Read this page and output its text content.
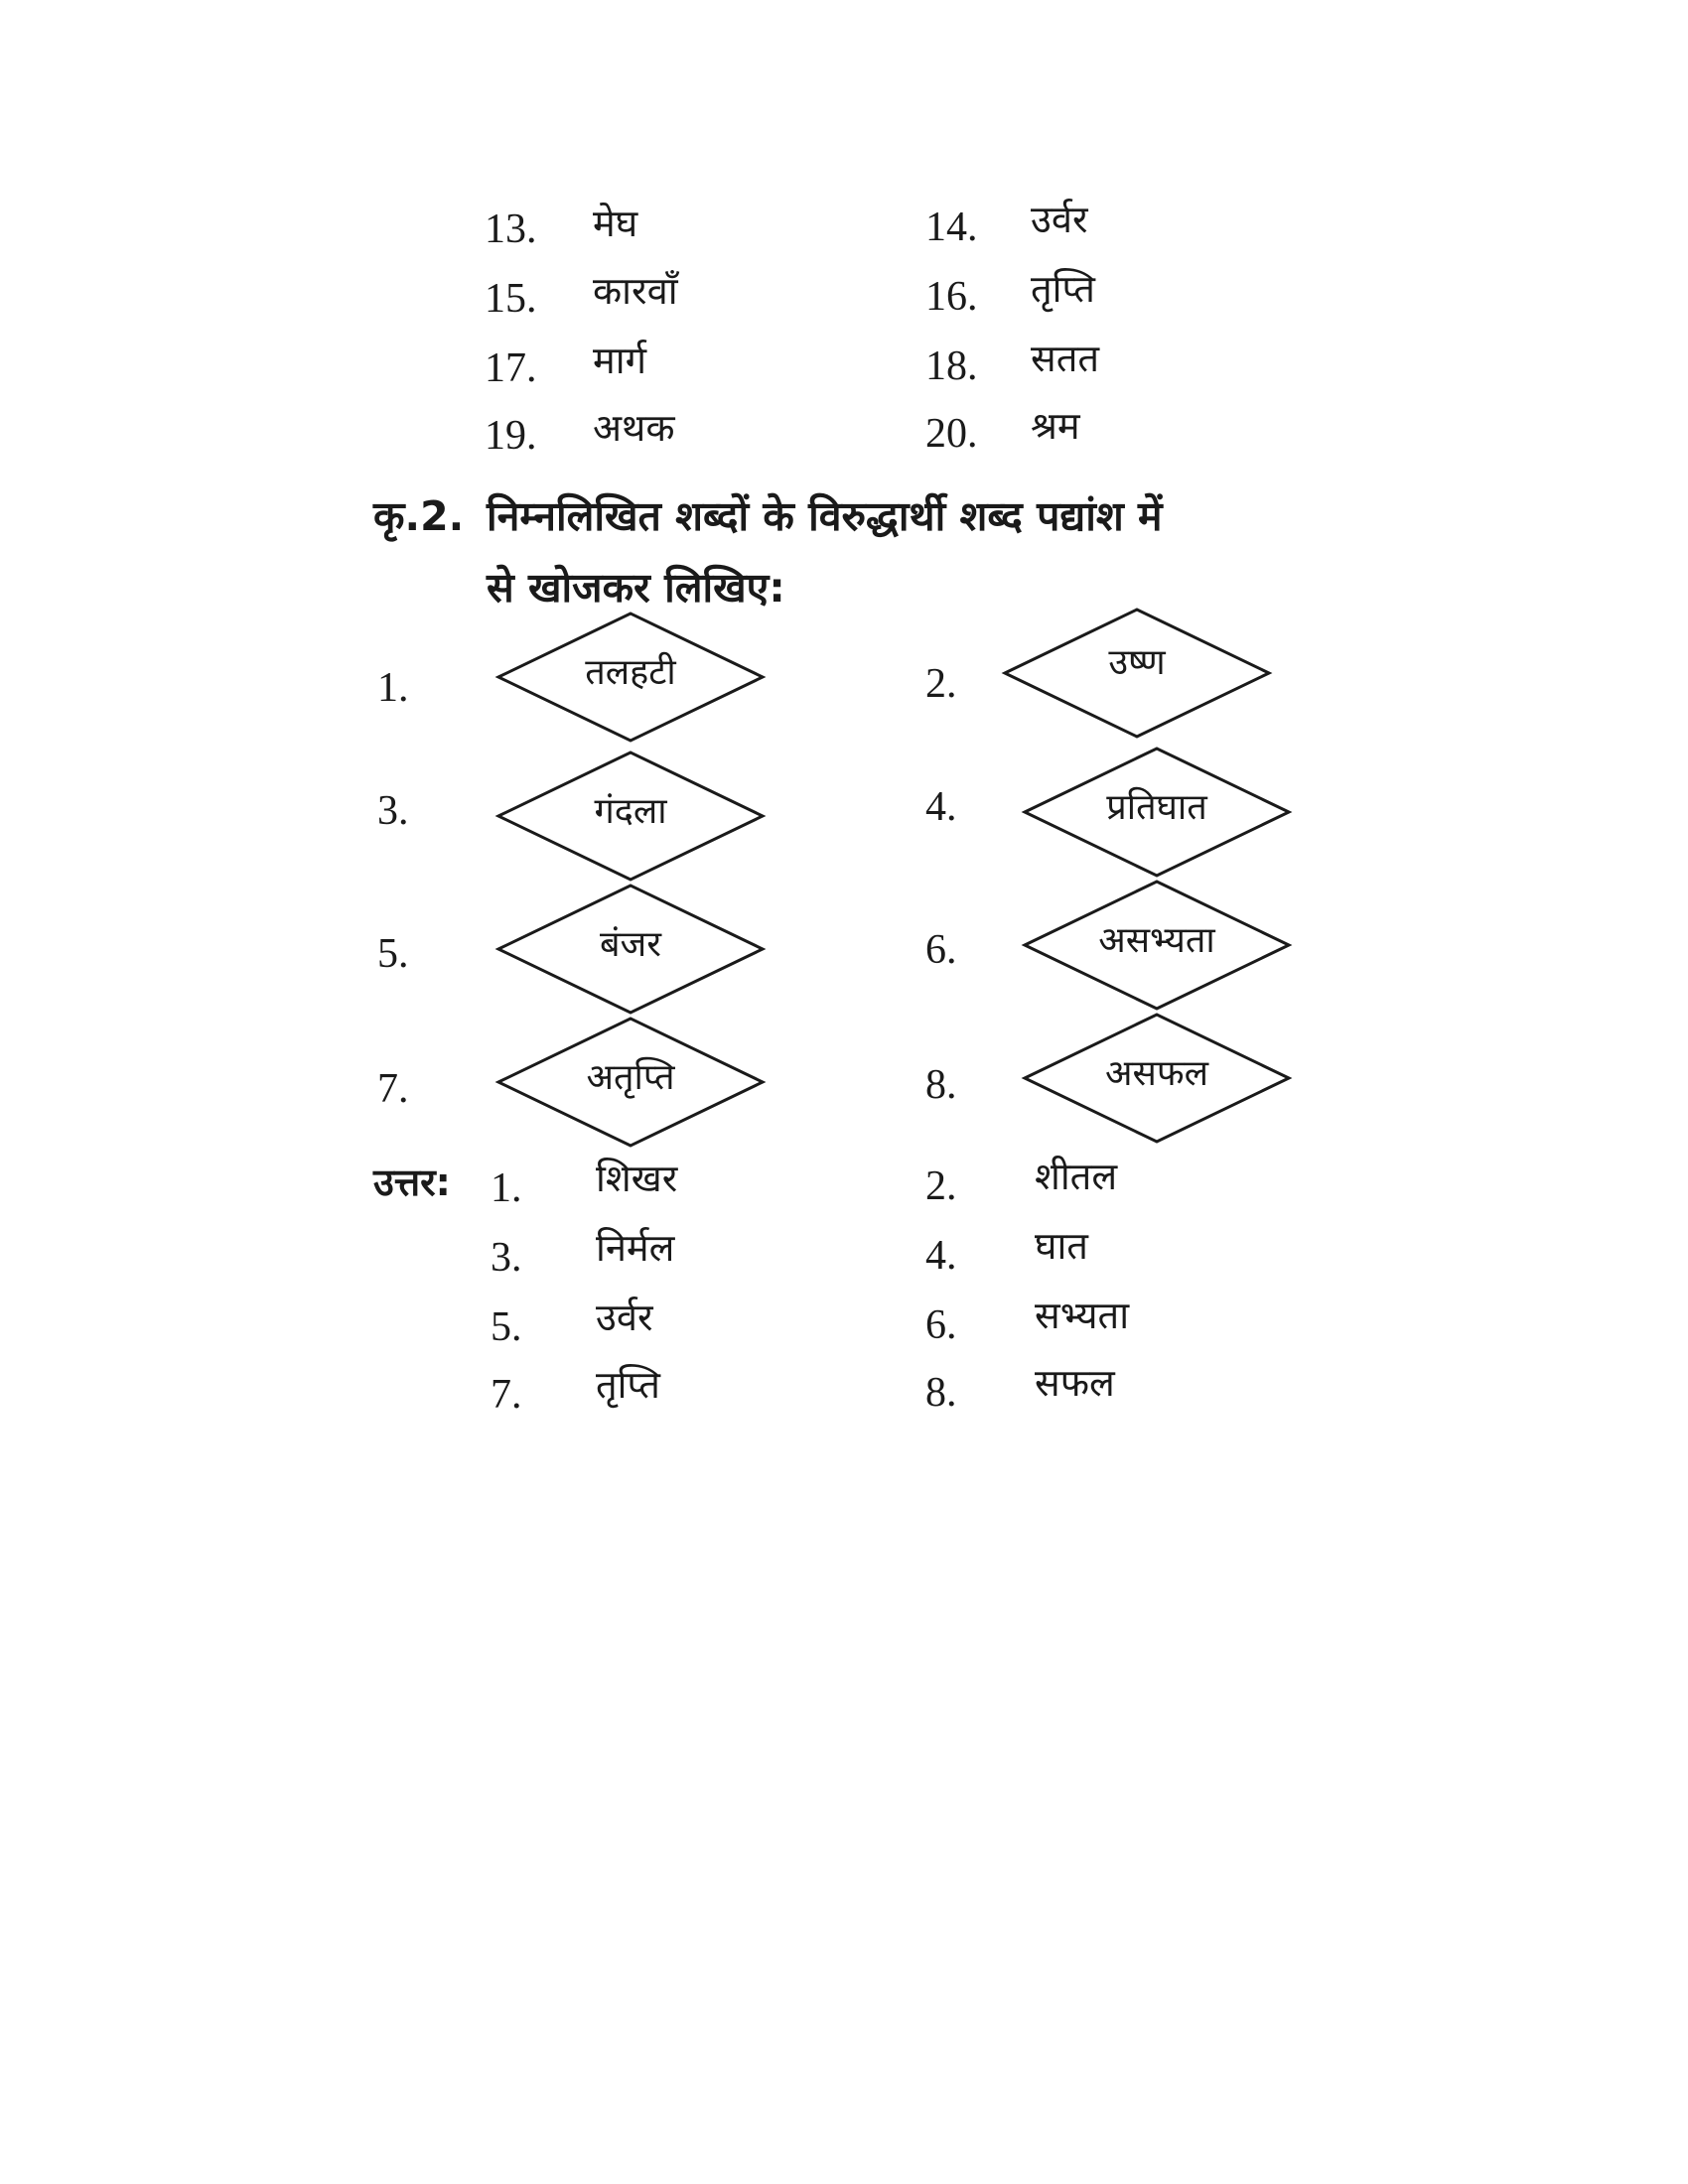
13. मेघ	14. उर्वर
15. कारवाँ	16. तृप्ति
17. मार्ग	18. सतत
19. अथक	20. श्रम
कृ.2. निम्नलिखित शब्दों के विरुद्धार्थी शब्द पद्यांश में
से खोजकर लिखिए:
1.	तलहटी	2.	उष्ण
3.	गंदला	4.	प्रतिघात
5.	बंजर	6.	असभ्यता
7.	अतृप्ति	8.	असफल
उत्तर: 1. शिखर	2. शीतल
3. निर्मल	4. घात
5. उर्वर	6. सभ्यता
7. तृप्ति	8. सफल
